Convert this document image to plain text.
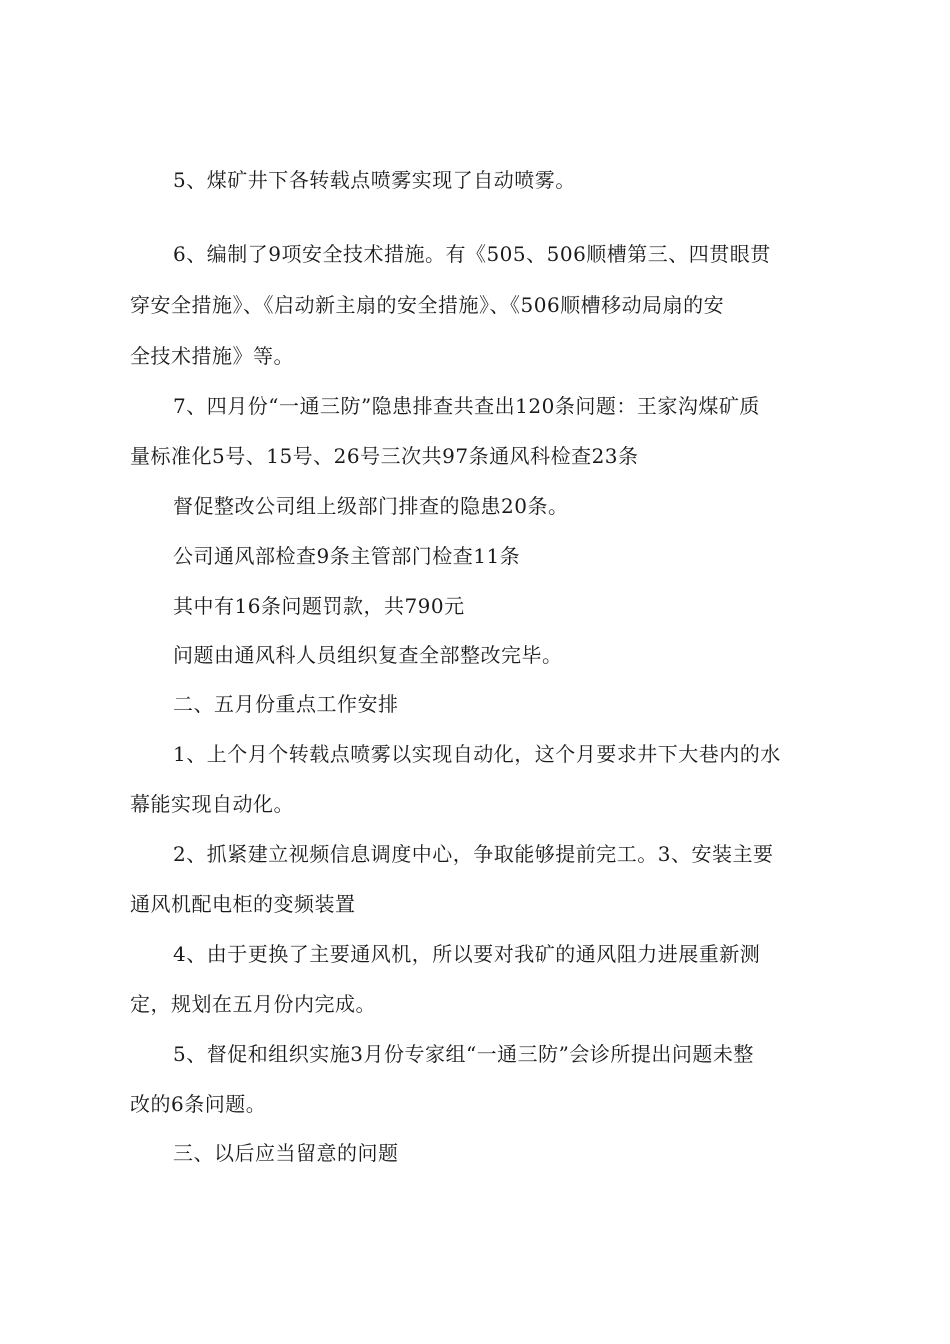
5、煤矿井下各转载点喷雾实现了自动喷雾。
6、编制了9项安全技术措施。有《505、506顺槽第三、四贯眼贯
穿安全措施》、《启动新主扇的安全措施》、《506顺槽移动局扇的安
全技术措施》等。
7、四月份“一通三防”隐患排查共查出120条问题：王家沟煤矿质
量标准化5号、15号、26号三次共97条通风科检查23条
督促整改公司组上级部门排查的隐患20条。
公司通风部检查9条主管部门检查11条
其中有16条问题罚款，共790元
问题由通风科人员组织复查全部整改完毕。
二、五月份重点工作安排
1、上个月个转载点喷雾以实现自动化，这个月要求井下大巷内的水
幕能实现自动化。
2、抓紧建立视频信息调度中心，争取能够提前完工。3、安装主要
通风机配电柜的变频装置
4、由于更换了主要通风机，所以要对我矿的通风阻力进展重新测
定，规划在五月份内完成。
5、督促和组织实施3月份专家组“一通三防”会诊所提出问题未整
改的6条问题。
三、以后应当留意的问题
